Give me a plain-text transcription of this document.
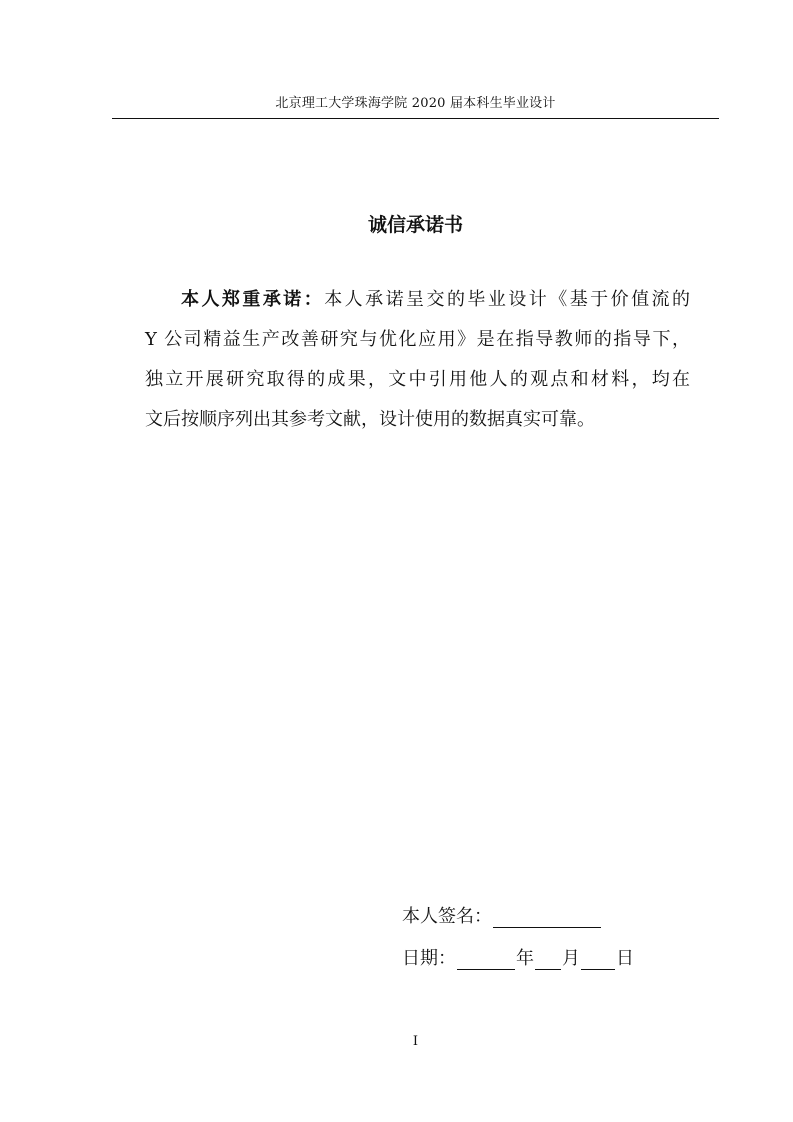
北京理工大学珠海学院 2020 届本科生毕业设计
诚信承诺书
本人郑重承诺：本人承诺呈交的毕业设计《基于价值流的
Y 公司精益生产改善研究与优化应用》是在指导教师的指导下，
独立开展研究取得的成果，文中引用他人的观点和材料，均在
文后按顺序列出其参考文献，设计使用的数据真实可靠。
本人签名：
日期：	年 月 日
I
